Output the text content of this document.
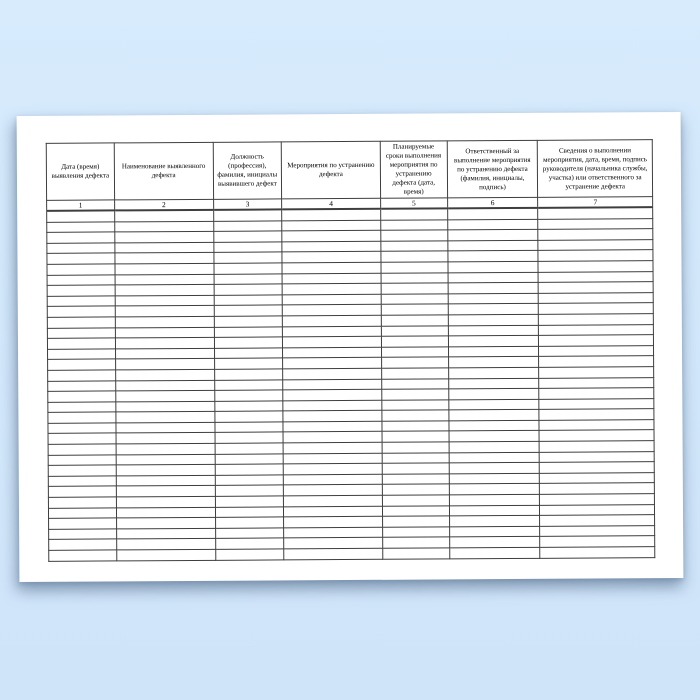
Дата (время) выявления дефекта	Наименование выявленного дефекта	Должность (профессия), фамилия, инициалы выявившего дефект	Мероприятия по устранению дефекта	Планируемые сроки выполнения мероприятия по устранению дефекта (дата, время)	Ответственный за выполнение мероприятия по устранению дефекта (фамилия, инициалы, подпись)	Сведения о выполнении мероприятия, дата, время, подпись руководителя (начальника службы, участка) или ответственного за устранение дефекта
1	2	3	4	5	6	7
